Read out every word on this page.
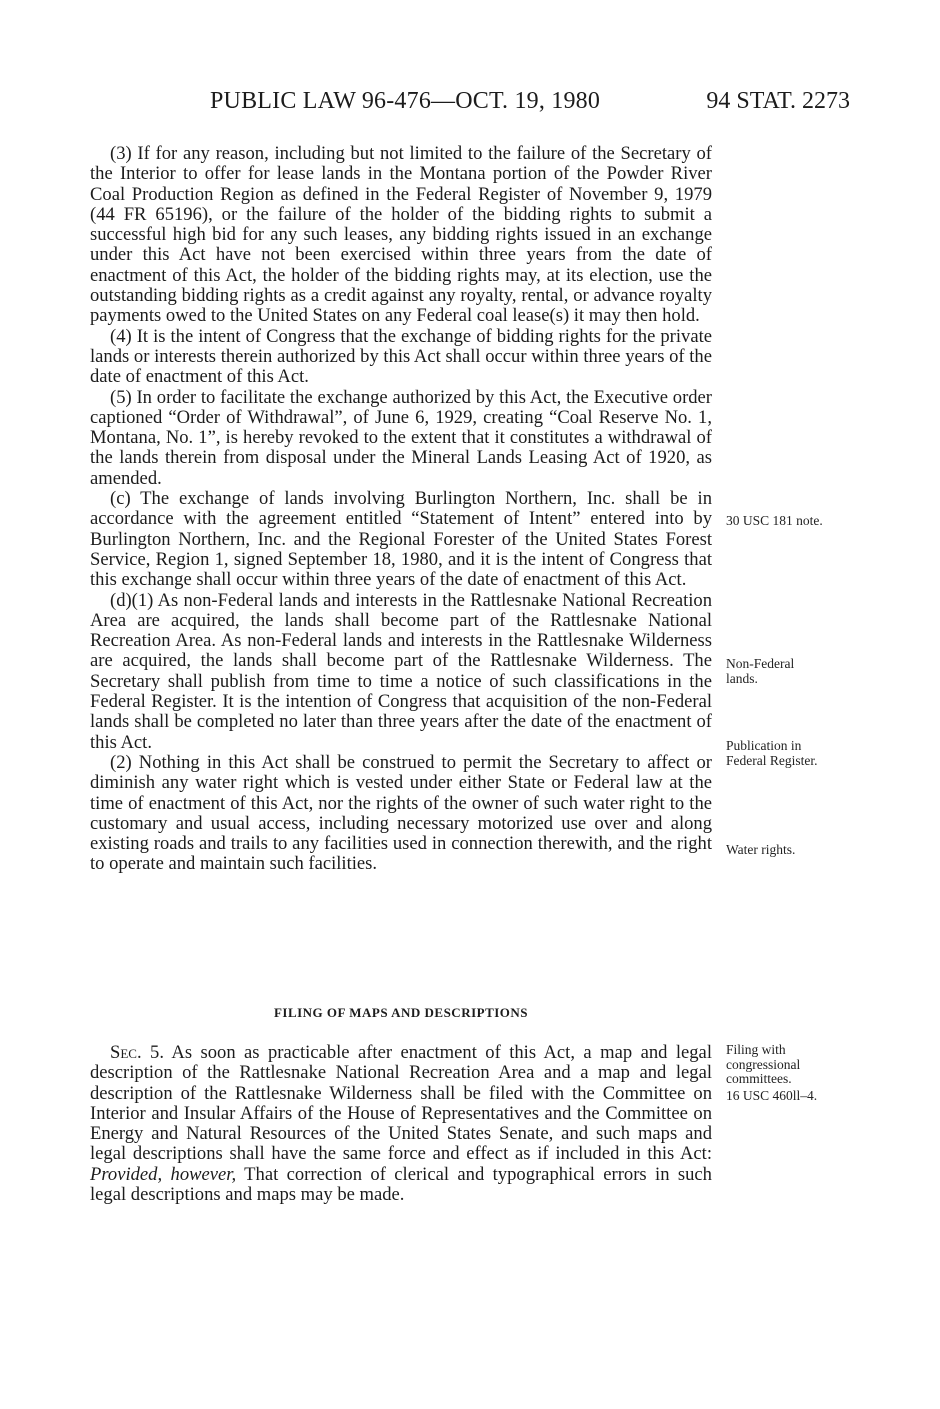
PUBLIC LAW 96-476—OCT. 19, 1980	94 STAT. 2273

(3) If for any reason, including but not limited to the failure of the Secretary of the Interior to offer for lease lands in the Montana portion of the Powder River Coal Production Region as defined in the Federal Register of November 9, 1979 (44 FR 65196), or the failure of the holder of the bidding rights to submit a successful high bid for any such leases, any bidding rights issued in an exchange under this Act have not been exercised within three years from the date of enactment of this Act, the holder of the bidding rights may, at its election, use the outstanding bidding rights as a credit against any royalty, rental, or advance royalty payments owed to the United States on any Federal coal lease(s) it may then hold.

(4) It is the intent of Congress that the exchange of bidding rights for the private lands or interests therein authorized by this Act shall occur within three years of the date of enactment of this Act.

(5) In order to facilitate the exchange authorized by this Act, the Executive order captioned “Order of Withdrawal”, of June 6, 1929, creating “Coal Reserve No. 1, Montana, No. 1”, is hereby revoked to the extent that it constitutes a withdrawal of the lands therein from disposal under the Mineral Lands Leasing Act of 1920, as amended.

(c) The exchange of lands involving Burlington Northern, Inc. shall be in accordance with the agreement entitled “Statement of Intent” entered into by Burlington Northern, Inc. and the Regional Forester of the United States Forest Service, Region 1, signed September 18, 1980, and it is the intent of Congress that this exchange shall occur within three years of the date of enactment of this Act.

(d)(1) As non-Federal lands and interests in the Rattlesnake National Recreation Area are acquired, the lands shall become part of the Rattlesnake National Recreation Area. As non-Federal lands and interests in the Rattlesnake Wilderness are acquired, the lands shall become part of the Rattlesnake Wilderness. The Secretary shall publish from time to time a notice of such classifications in the Federal Register. It is the intention of Congress that acquisition of the non-Federal lands shall be completed no later than three years after the date of the enactment of this Act.

(2) Nothing in this Act shall be construed to permit the Secretary to affect or diminish any water right which is vested under either State or Federal law at the time of enactment of this Act, nor the rights of the owner of such water right to the customary and usual access, including necessary motorized use over and along existing roads and trails to any facilities used in connection therewith, and the right to operate and maintain such facilities.

FILING OF MAPS AND DESCRIPTIONS

Sec. 5. As soon as practicable after enactment of this Act, a map and legal description of the Rattlesnake National Recreation Area and a map and legal description of the Rattlesnake Wilderness shall be filed with the Committee on Interior and Insular Affairs of the House of Representatives and the Committee on Energy and Natural Resources of the United States Senate, and such maps and legal descriptions shall have the same force and effect as if included in this Act: Provided, however, That correction of clerical and typographical errors in such legal descriptions and maps may be made.

30 USC 181 note.
Non-Federal lands.
Publication in Federal Register.
Water rights.
Filing with congressional committees.
16 USC 460ll–4.
